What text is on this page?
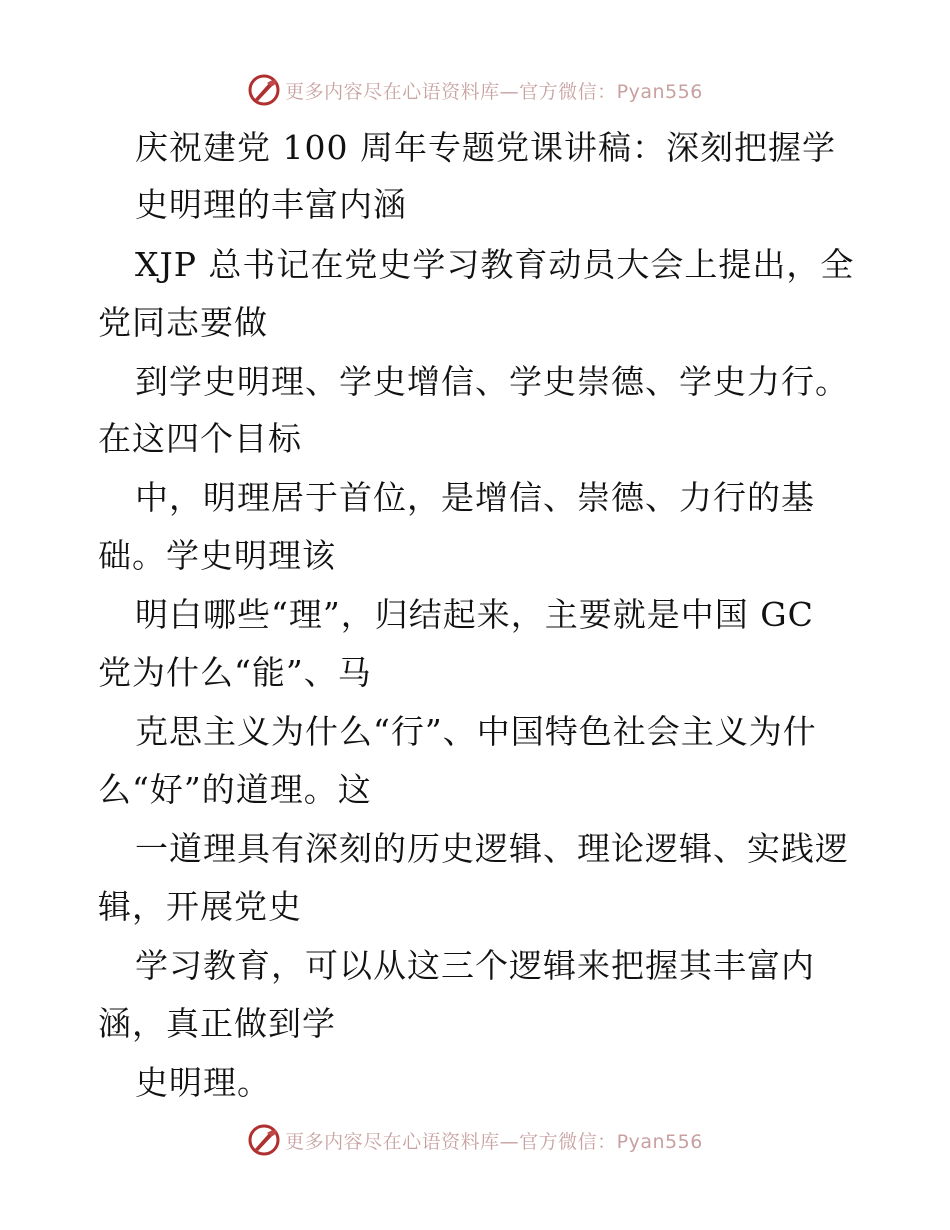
更多内容尽在心语资料库—官方微信：Pyan556
庆祝建党 100 周年专题党课讲稿：深刻把握学
史明理的丰富内涵
XJP 总书记在党史学习教育动员大会上提出，全
党同志要做
到学史明理、学史增信、学史崇德、学史力行。
在这四个目标
中，明理居于首位，是增信、崇德、力行的基
础。学史明理该
明白哪些“理”，归结起来，主要就是中国 GC
党为什么“能”、马
克思主义为什么“行”、中国特色社会主义为什
么“好”的道理。这
一道理具有深刻的历史逻辑、理论逻辑、实践逻
辑，开展党史
学习教育，可以从这三个逻辑来把握其丰富内
涵，真正做到学
史明理。
更多内容尽在心语资料库—官方微信：Pyan556
